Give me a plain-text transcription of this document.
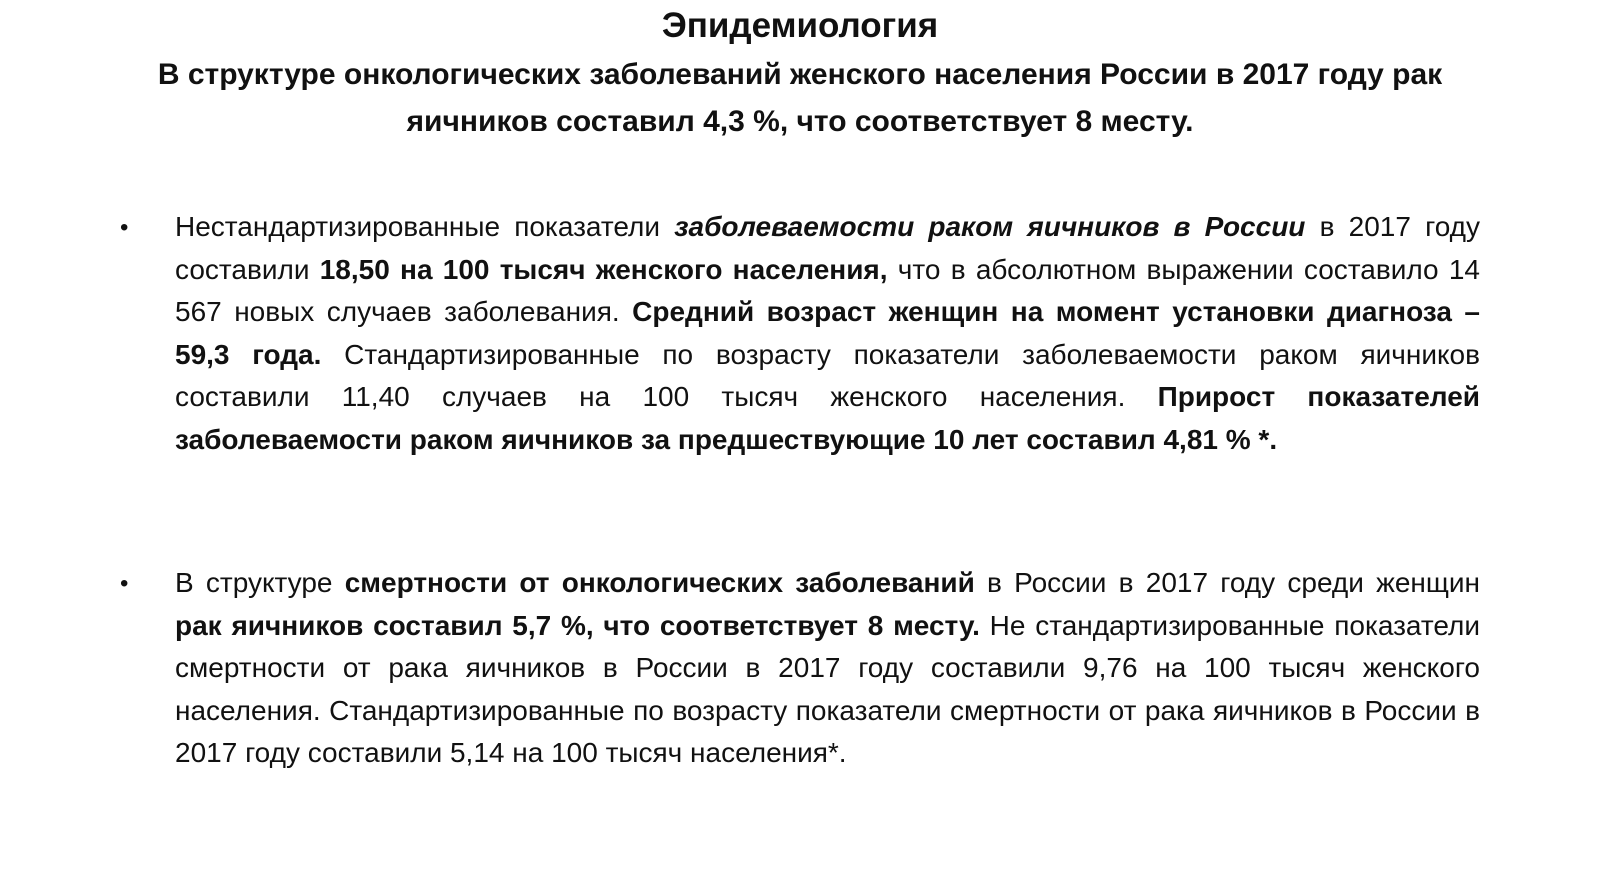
Эпидемиология
В структуре онкологических заболеваний женского населения России в 2017 году рак яичников составил 4,3 %, что соответствует 8 месту.
•	Нестандартизированные показатели заболеваемости раком яичников в России в 2017 году составили 18,50 на 100 тысяч женского населения, что в абсолютном выражении составило 14 567 новых случаев заболевания. Средний возраст женщин на момент установки диагноза – 59,3 года. Стандартизированные по возрасту показатели заболеваемости раком яичников составили 11,40 случаев на 100 тысяч женского населения. Прирост показателей заболеваемости раком яичников за предшествующие 10 лет составил 4,81 % *.
•	В структуре смертности от онкологических заболеваний в России в 2017 году среди женщин рак яичников составил 5,7 %, что соответствует 8 месту. Не стандартизированные показатели смертности от рака яичников в России в 2017 году составили 9,76 на 100 тысяч женского населения. Стандартизированные по возрасту показатели смертности от рака яичников в России в 2017 году составили 5,14 на 100 тысяч населения*.
